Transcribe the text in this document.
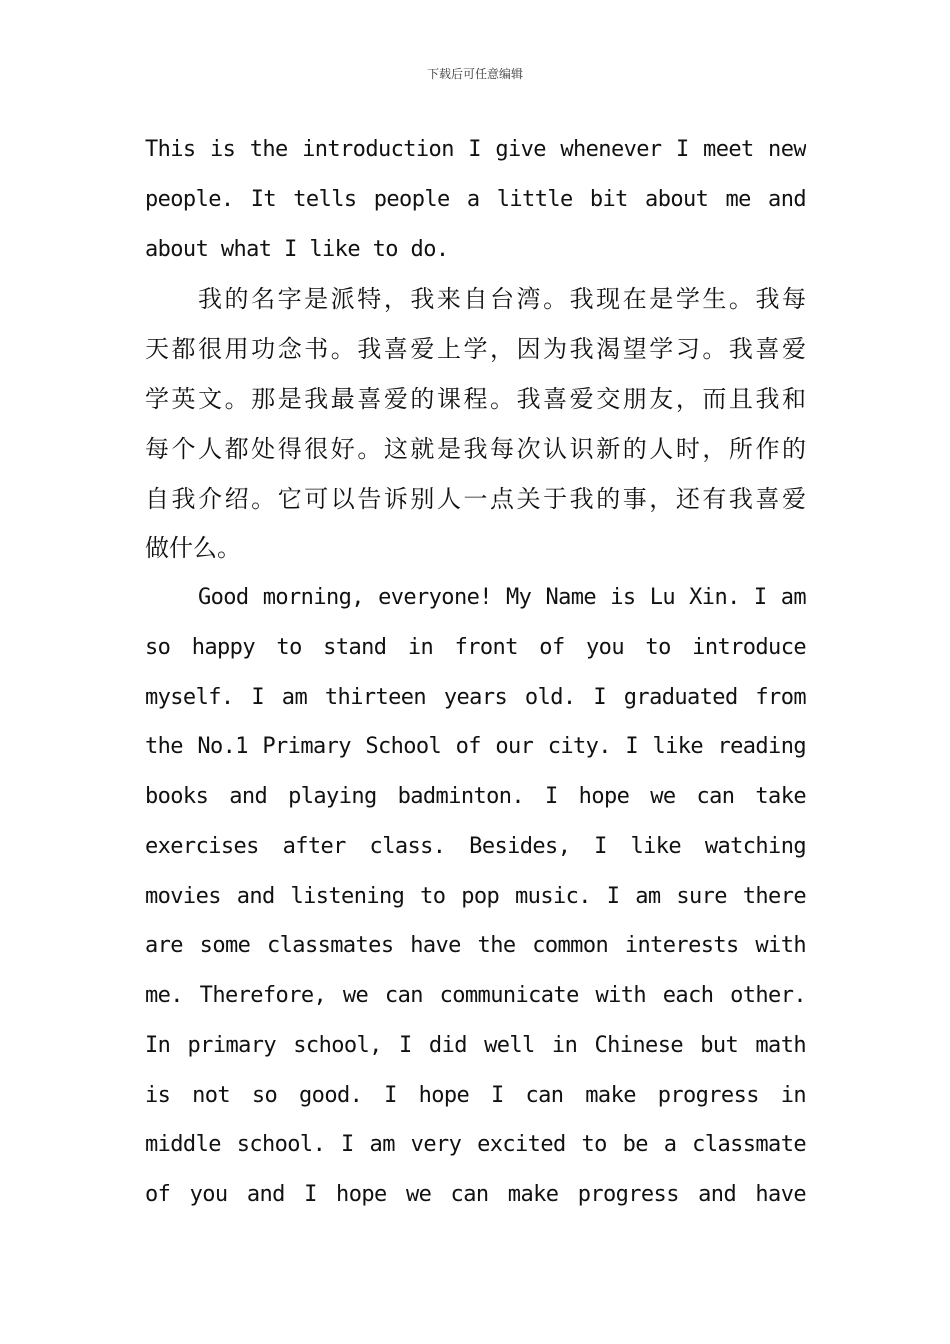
下载后可任意编辑
This is the introduction I give whenever I meet new
people. It tells people a little bit about me and
about what I like to do.
我的名字是派特，我来自台湾。我现在是学生。我每
天都很用功念书。我喜爱上学，因为我渴望学习。我喜爱
学英文。那是我最喜爱的课程。我喜爱交朋友，而且我和
每个人都处得很好。这就是我每次认识新的人时，所作的
自我介绍。它可以告诉别人一点关于我的事，还有我喜爱
做什么。
Good morning, everyone! My Name is Lu Xin. I am
so happy to stand in front of you to introduce
myself. I am thirteen years old. I graduated from
the No.1 Primary School of our city. I like reading
books and playing badminton. I hope we can take
exercises after class. Besides, I like watching
movies and listening to pop music. I am sure there
are some classmates have the common interests with
me. Therefore, we can communicate with each other.
In primary school, I did well in Chinese but math
is not so good. I hope I can make progress in
middle school. I am very excited to be a classmate
of you and I hope we can make progress and have
